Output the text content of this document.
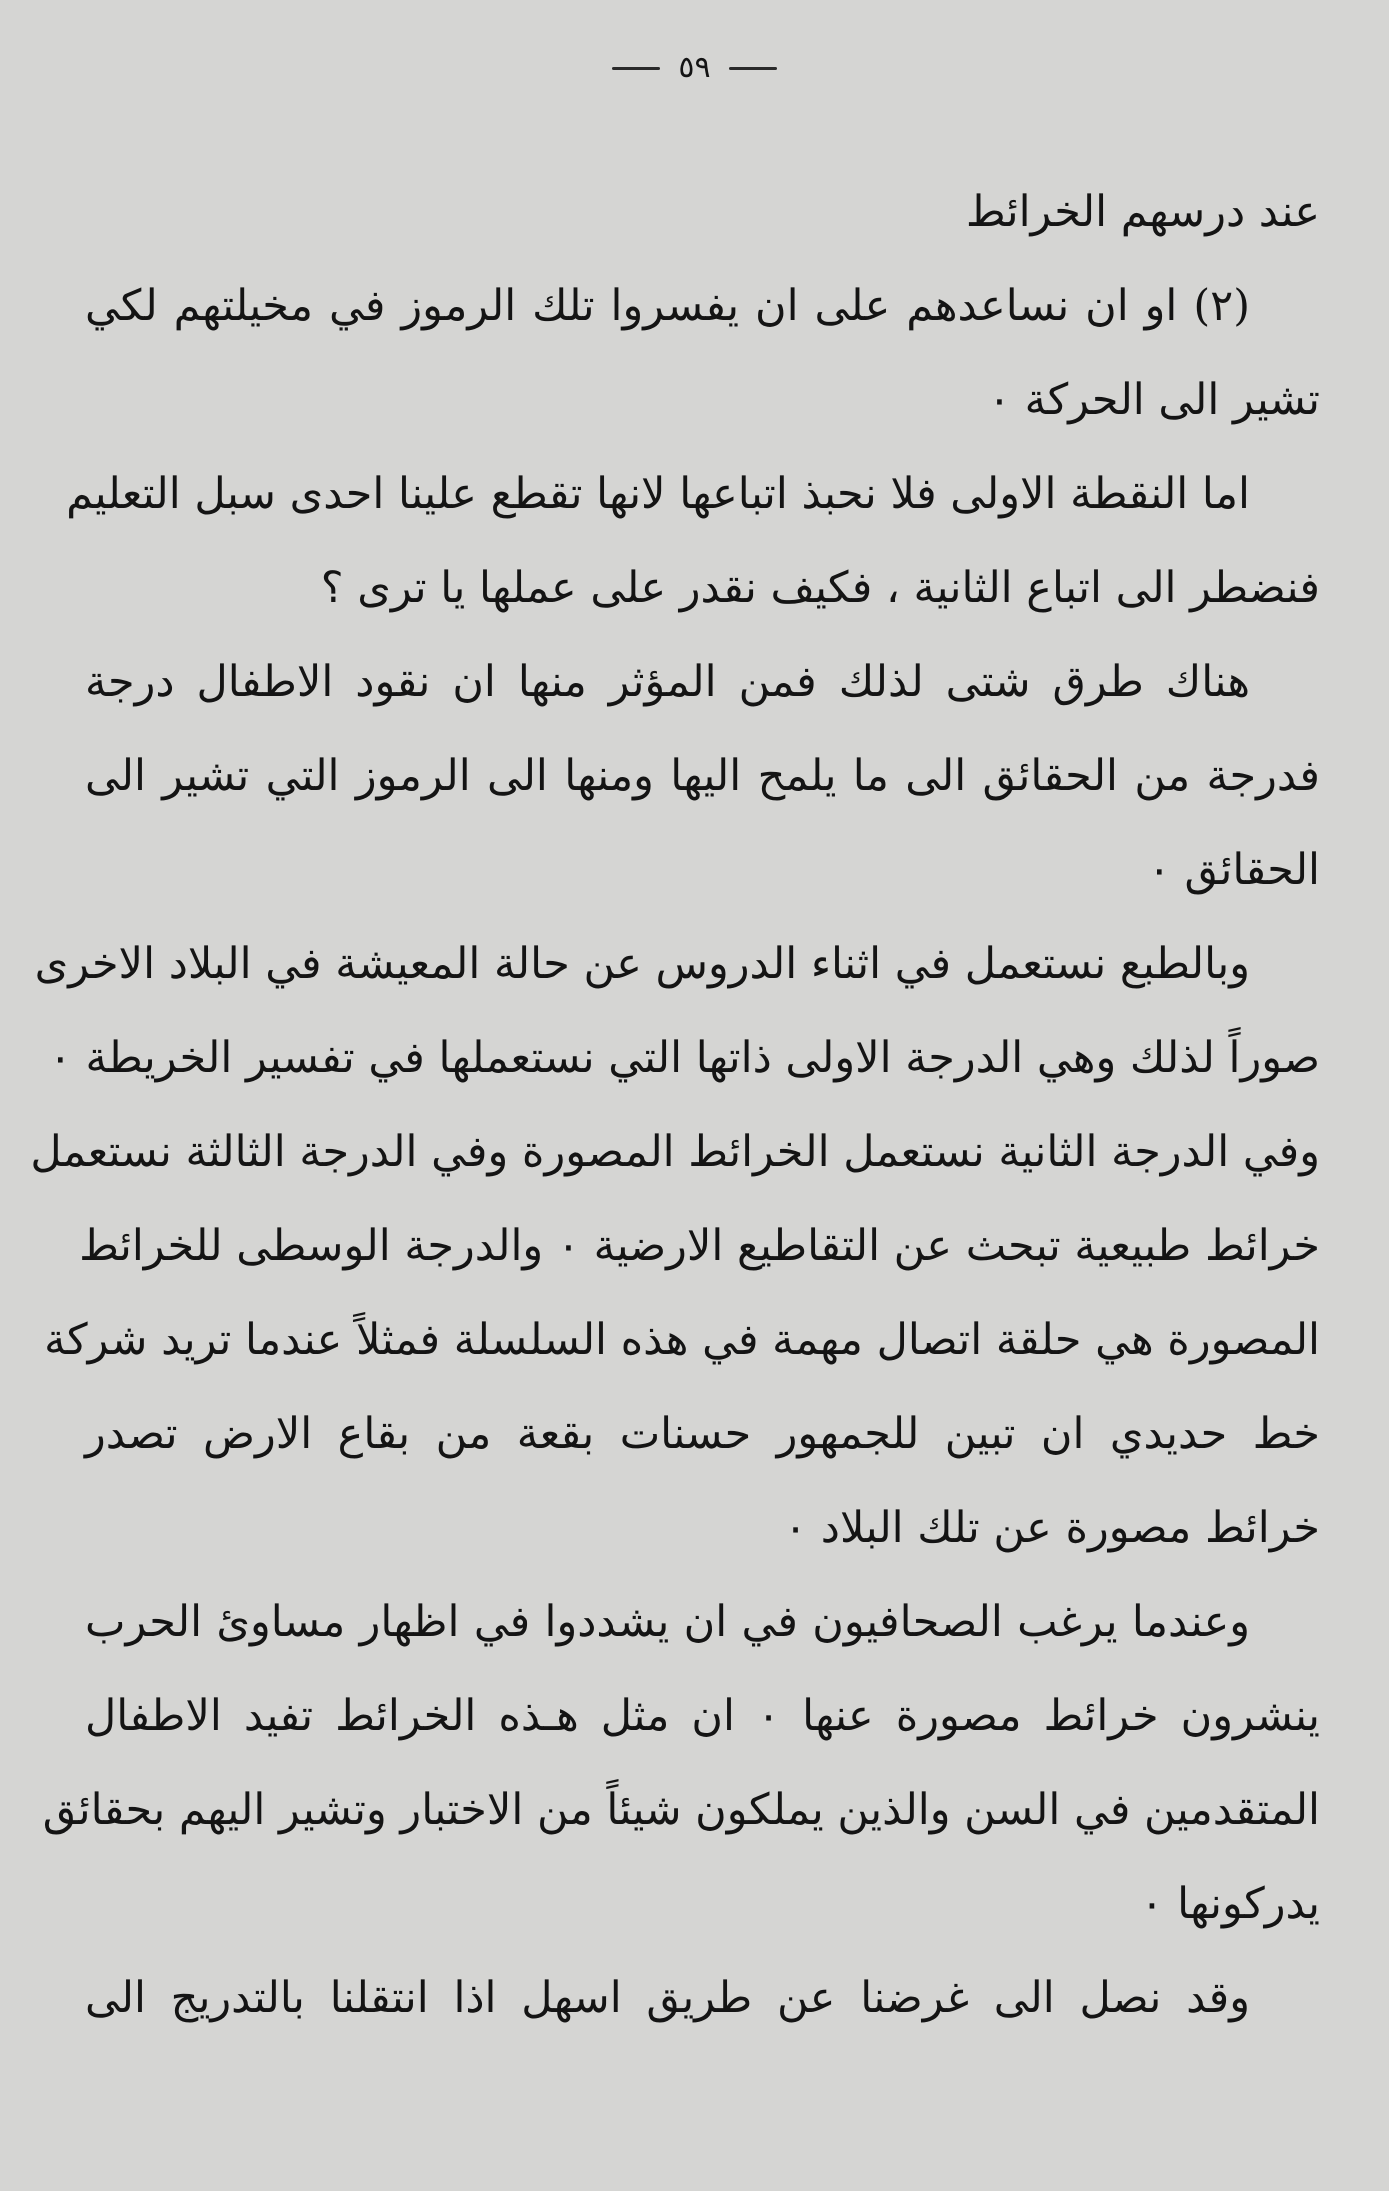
٥٩
عند درسهم الخرائط
(٢) او ان نساعدهم على ان يفسروا تلك الرموز في مخيلتهم لكي
تشير الى الحركة ٠
اما النقطة الاولى فلا نحبذ اتباعها لانها تقطع علينا احدى سبل التعليم
فنضطر الى اتباع الثانية ، فكيف نقدر على عملها يا ترى ؟
هناك طرق شتى لذلك فمن المؤثر منها ان نقود الاطفال درجة
فدرجة من الحقائق الى ما يلمح اليها ومنها الى الرموز التي تشير الى
الحقائق ٠
وبالطبع نستعمل في اثناء الدروس عن حالة المعيشة في البلاد الاخرى
صوراً لذلك وهي الدرجة الاولى ذاتها التي نستعملها في تفسير الخريطة ٠
وفي الدرجة الثانية نستعمل الخرائط المصورة وفي الدرجة الثالثة نستعمل
خرائط طبيعية تبحث عن التقاطيع الارضية ٠ والدرجة الوسطى للخرائط
المصورة هي حلقة اتصال مهمة في هذه السلسلة فمثلاً عندما تريد شركة
خط حديدي ان تبين للجمهور حسنات بقعة من بقاع الارض تصدر
خرائط مصورة عن تلك البلاد ٠
وعندما يرغب الصحافيون في ان يشددوا في اظهار مساوئ الحرب
ينشرون خرائط مصورة عنها ٠ ان مثل هـذه الخرائط تفيد الاطفال
المتقدمين في السن والذين يملكون شيئاً من الاختبار وتشير اليهم بحقائق
يدركونها ٠
وقد نصل الى غرضنا عن طريق اسهل اذا انتقلنا بالتدريج الى
